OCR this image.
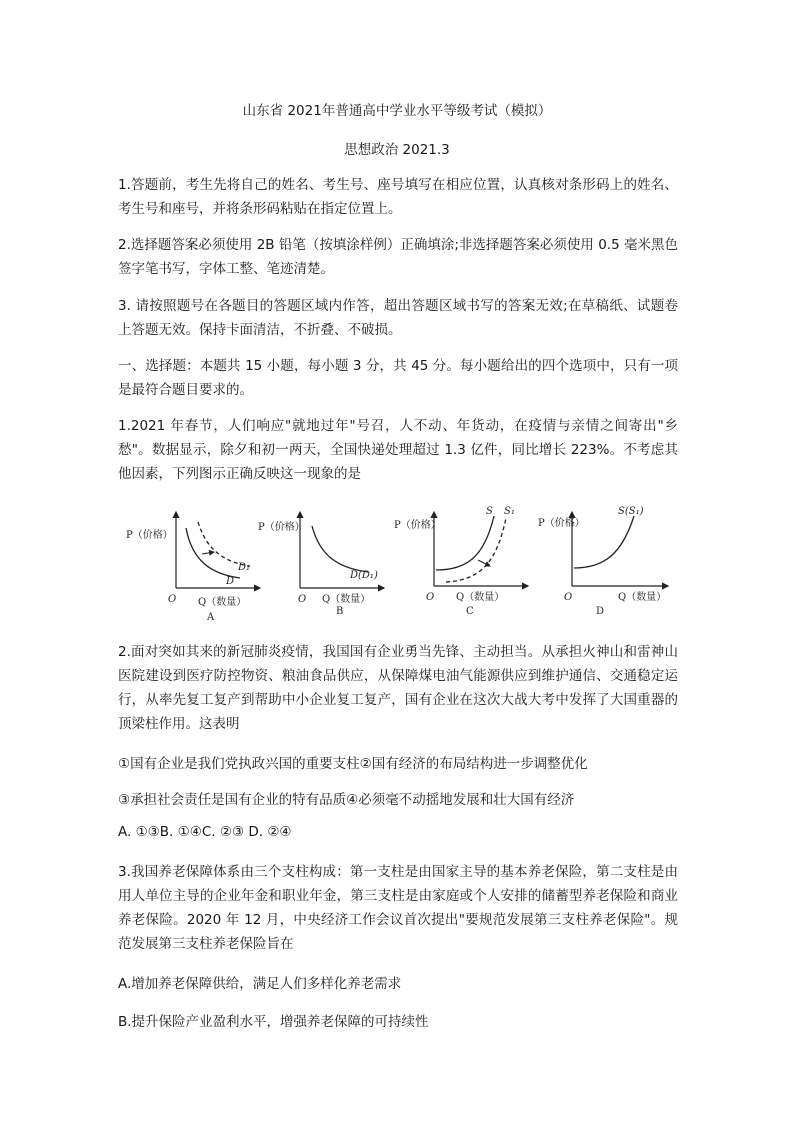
山东省 2021年普通高中学业水平等级考试（模拟）
思想政治 2021.3

1.答题前，考生先将自己的姓名、考生号、座号填写在相应位置，认真核对条形码上的姓名、考生号和座号，并将条形码粘贴在指定位置上。

2.选择题答案必须使用 2B 铅笔（按填涂样例）正确填涂;非选择题答案必须使用 0.5 毫米黑色签字笔书写，字体工整、笔迹清楚。

3. 请按照题号在各题目的答题区域内作答，超出答题区域书写的答案无效;在草稿纸、试题卷上答题无效。保持卡面清洁，不折叠、不破损。

一、选择题：本题共 15 小题，每小题 3 分，共 45 分。每小题给出的四个选项中，只有一项是最符合题目要求的。

1.2021 年春节，人们响应"就地过年"号召，人不动、年货动，在疫情与亲情之间寄出"乡愁"。数据显示，除夕和初一两天，全国快递处理超过 1.3 亿件，同比增长 223%。不考虑其他因素，下列图示正确反映这一现象的是

P（价格）
O Q（数量）
D
D₁
A
P（价格）
O Q（数量）
D(D₁)
B
P（价格）
O Q（数量）
S S₁
C
P（价格）
O	Q（数量）
S(S₁)
D

2.面对突如其来的新冠肺炎疫情，我国国有企业勇当先锋、主动担当。从承担火神山和雷神山医院建设到医疗防控物资、粮油食品供应，从保障煤电油气能源供应到维护通信、交通稳定运行，从率先复工复产到帮助中小企业复工复产，国有企业在这次大战大考中发挥了大国重器的顶梁柱作用。这表明

①国有企业是我们党执政兴国的重要支柱②国有经济的布局结构进一步调整优化
③承担社会责任是国有企业的特有品质④必须毫不动摇地发展和壮大国有经济
A. ①③B. ①④C. ②③ D. ②④

3.我国养老保障体系由三个支柱构成：第一支柱是由国家主导的基本养老保险，第二支柱是由用人单位主导的企业年金和职业年金，第三支柱是由家庭或个人安排的储蓄型养老保险和商业养老保险。2020 年 12 月，中央经济工作会议首次提出"要规范发展第三支柱养老保险"。规范发展第三支柱养老保险旨在

A.增加养老保障供给，满足人们多样化养老需求
B.提升保险产业盈利水平，增强养老保障的可持续性
